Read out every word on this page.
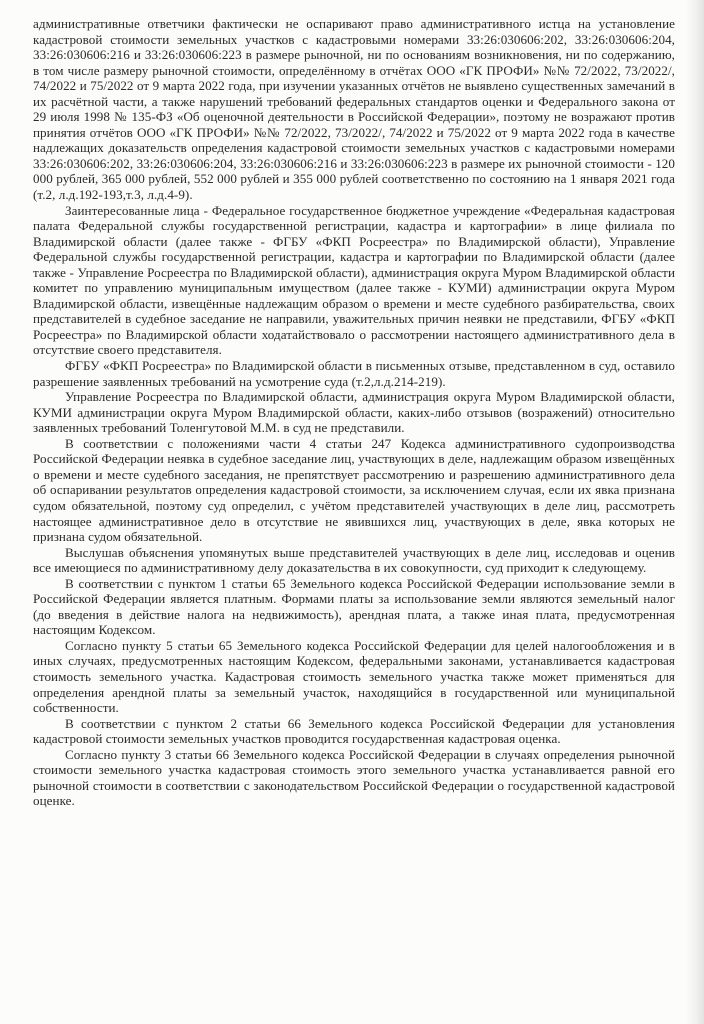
административные ответчики фактически не оспаривают право административного истца на установление кадастровой стоимости земельных участков с кадастровыми номерами 33:26:030606:202, 33:26:030606:204, 33:26:030606:216 и 33:26:030606:223 в размере рыночной, ни по основаниям возникновения, ни по содержанию, в том числе размеру рыночной стоимости, определённому в отчётах ООО «ГК ПРОФИ» №№ 72/2022, 73/2022/, 74/2022 и 75/2022 от 9 марта 2022 года, при изучении указанных отчётов не выявлено существенных замечаний в их расчётной части, а также нарушений требований федеральных стандартов оценки и Федерального закона от 29 июля 1998 № 135-ФЗ «Об оценочной деятельности в Российской Федерации», поэтому не возражают против принятия отчётов ООО «ГК ПРОФИ» №№ 72/2022, 73/2022/, 74/2022 и 75/2022 от 9 марта 2022 года в качестве надлежащих доказательств определения кадастровой стоимости земельных участков с кадастровыми номерами 33:26:030606:202, 33:26:030606:204, 33:26:030606:216 и 33:26:030606:223 в размере их рыночной стоимости - 120 000 рублей, 365 000 рублей, 552 000 рублей и 355 000 рублей соответственно по состоянию на 1 января 2021 года (т.2, л.д.192-193,т.3, л.д.4-9).

Заинтересованные лица - Федеральное государственное бюджетное учреждение «Федеральная кадастровая палата Федеральной службы государственной регистрации, кадастра и картографии» в лице филиала по Владимирской области (далее также - ФГБУ «ФКП Росреестра» по Владимирской области), Управление Федеральной службы государственной регистрации, кадастра и картографии по Владимирской области (далее также - Управление Росреестра по Владимирской области), администрация округа Муром Владимирской области комитет по управлению муниципальным имуществом (далее также - КУМИ) администрации округа Муром Владимирской области, извещённые надлежащим образом о времени и месте судебного разбирательства, своих представителей в судебное заседание не направили, уважительных причин неявки не представили, ФГБУ «ФКП Росреестра» по Владимирской области ходатайствовало о рассмотрении настоящего административного дела в отсутствие своего представителя.

ФГБУ «ФКП Росреестра» по Владимирской области в письменных отзыве, представленном в суд, оставило разрешение заявленных требований на усмотрение суда (т.2,л.д.214-219).

Управление Росреестра по Владимирской области, администрация округа Муром Владимирской области, КУМИ администрации округа Муром Владимирской области, каких-либо отзывов (возражений) относительно заявленных требований Толенгутовой М.М. в суд не представили.

В соответствии с положениями части 4 статьи 247 Кодекса административного судопроизводства Российской Федерации неявка в судебное заседание лиц, участвующих в деле, надлежащим образом извещённых о времени и месте судебного заседания, не препятствует рассмотрению и разрешению административного дела об оспаривании результатов определения кадастровой стоимости, за исключением случая, если их явка признана судом обязательной, поэтому суд определил, с учётом представителей участвующих в деле лиц, рассмотреть настоящее административное дело в отсутствие не явившихся лиц, участвующих в деле, явка которых не признана судом обязательной.

Выслушав объяснения упомянутых выше представителей участвующих в деле лиц, исследовав и оценив все имеющиеся по административному делу доказательства в их совокупности, суд приходит к следующему.

В соответствии с пунктом 1 статьи 65 Земельного кодекса Российской Федерации использование земли в Российской Федерации является платным. Формами платы за использование земли являются земельный налог (до введения в действие налога на недвижимость), арендная плата, а также иная плата, предусмотренная настоящим Кодексом.

Согласно пункту 5 статьи 65 Земельного кодекса Российской Федерации для целей налогообложения и в иных случаях, предусмотренных настоящим Кодексом, федеральными законами, устанавливается кадастровая стоимость земельного участка. Кадастровая стоимость земельного участка также может применяться для определения арендной платы за земельный участок, находящийся в государственной или муниципальной собственности.

В соответствии с пунктом 2 статьи 66 Земельного кодекса Российской Федерации для установления кадастровой стоимости земельных участков проводится государственная кадастровая оценка.

Согласно пункту 3 статьи 66 Земельного кодекса Российской Федерации в случаях определения рыночной стоимости земельного участка кадастровая стоимость этого земельного участка устанавливается равной его рыночной стоимости в соответствии с законодательством Российской Федерации о государственной кадастровой оценке.
